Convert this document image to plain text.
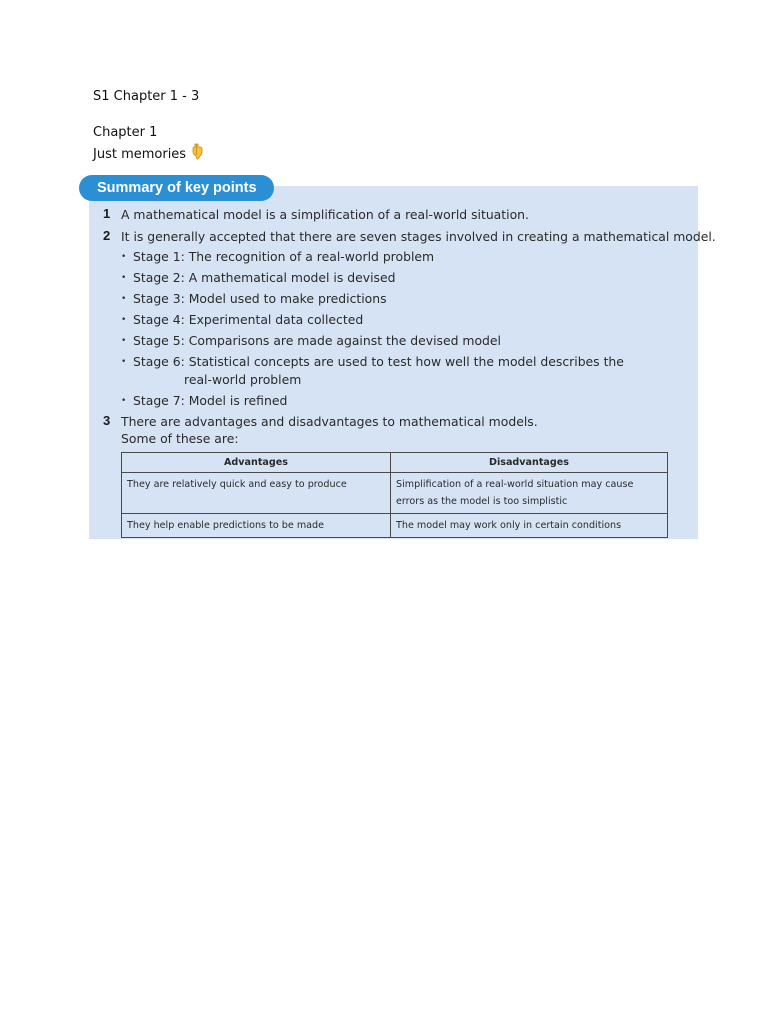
S1 Chapter 1 - 3
Chapter 1
Just memories
Summary of key points
1 A mathematical model is a simplification of a real-world situation.
2 It is generally accepted that there are seven stages involved in creating a mathematical model.
• Stage 1: The recognition of a real-world problem
• Stage 2: A mathematical model is devised
• Stage 3: Model used to make predictions
• Stage 4: Experimental data collected
• Stage 5: Comparisons are made against the devised model
• Stage 6: Statistical concepts are used to test how well the model describes the
real-world problem
• Stage 7: Model is refined
3 There are advantages and disadvantages to mathematical models.
Some of these are:
Advantages	Disadvantages
They are relatively quick and easy to produce	Simplification of a real-world situation may cause errors as the model is too simplistic
They help enable predictions to be made	The model may work only in certain conditions
